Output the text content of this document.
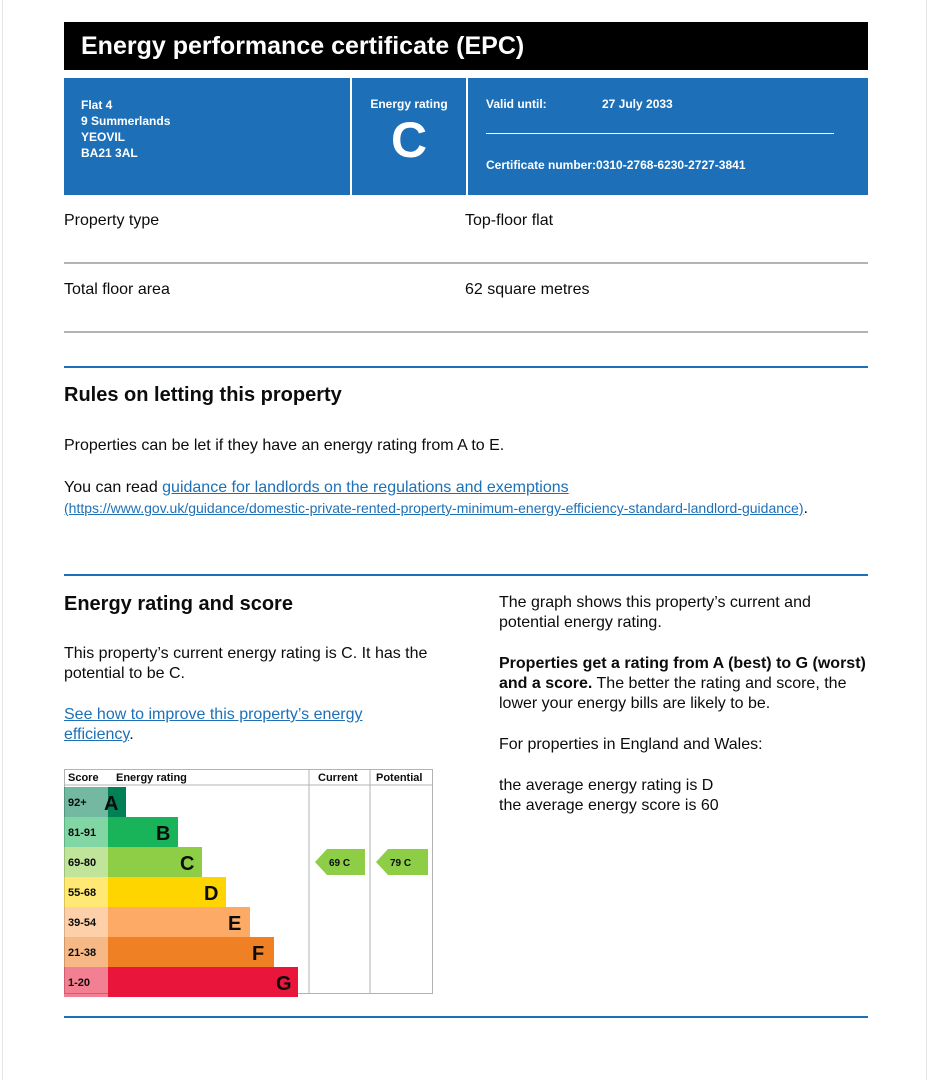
Energy performance certificate (EPC)
Flat 4
9 Summerlands
YEOVIL
BA21 3AL
Energy rating
C
Valid until:	27 July 2033
Certificate number:0310-2768-6230-2727-3841
Property type	Top-floor flat
Total floor area	62 square metres
Rules on letting this property

Properties can be let if they have an energy rating from A to E.

You can read guidance for landlords on the regulations and exemptions
(https://www.gov.uk/guidance/domestic-private-rented-property-minimum-energy-efficiency-standard-landlord-guidance).

Energy rating and score

This property’s current energy rating is C. It has the potential to be C.

See how to improve this property’s energy efficiency.

The graph shows this property’s current and potential energy rating.

Properties get a rating from A (best) to G (worst) and a score. The better the rating and score, the lower your energy bills are likely to be.

For properties in England and Wales:

the average energy rating is D
the average energy score is 60

Score Energy rating	Current Potential
92+ A
81-91	B
69-80	C
55-68	D
39-54	E
21-38	F
1-20	G
69 C	79 C
